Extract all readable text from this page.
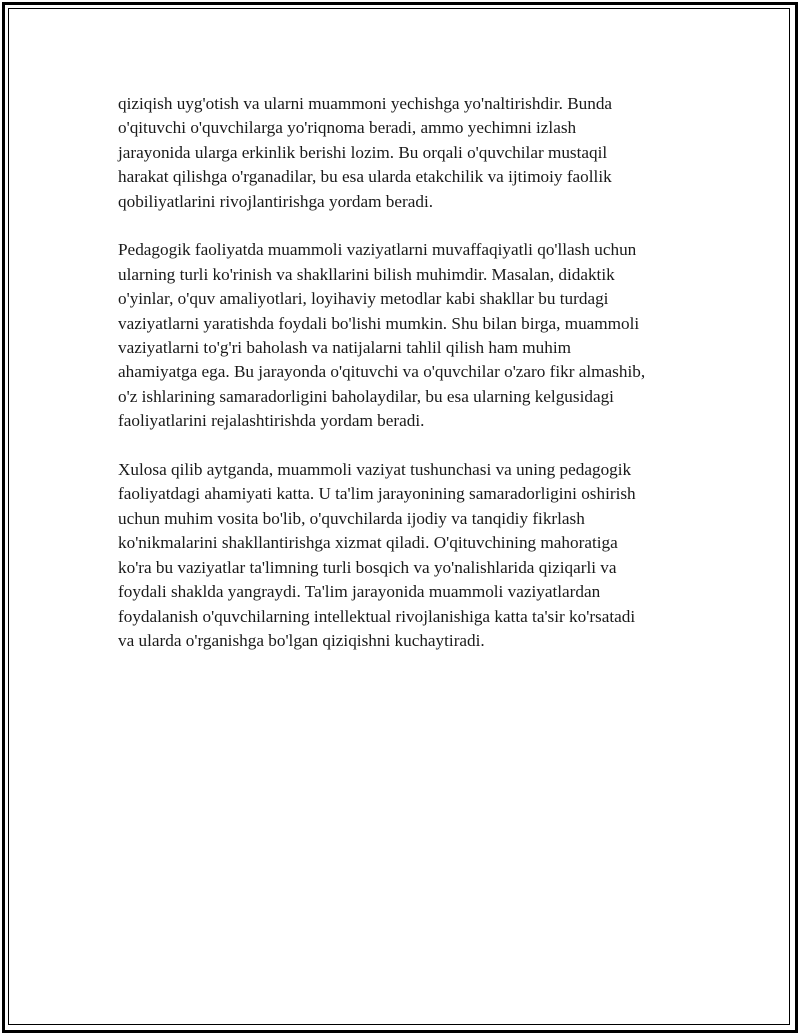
qiziqish uyg'otish va ularni muammoni yechishga yo'naltirishdir. Bunda
o'qituvchi o'quvchilarga yo'riqnoma beradi, ammo yechimni izlash
jarayonida ularga erkinlik berishi lozim. Bu orqali o'quvchilar mustaqil
harakat qilishga o'rganadilar, bu esa ularda etakchilik va ijtimoiy faollik
qobiliyatlarini rivojlantirishga yordam beradi.

Pedagogik faoliyatda muammoli vaziyatlarni muvaffaqiyatli qo'llash uchun
ularning turli ko'rinish va shakllarini bilish muhimdir. Masalan, didaktik
o'yinlar, o'quv amaliyotlari, loyihaviy metodlar kabi shakllar bu turdagi
vaziyatlarni yaratishda foydali bo'lishi mumkin. Shu bilan birga, muammoli
vaziyatlarni to'g'ri baholash va natijalarni tahlil qilish ham muhim
ahamiyatga ega. Bu jarayonda o'qituvchi va o'quvchilar o'zaro fikr almashib,
o'z ishlarining samaradorligini baholaydilar, bu esa ularning kelgusidagi
faoliyatlarini rejalashtirishda yordam beradi.

Xulosa qilib aytganda, muammoli vaziyat tushunchasi va uning pedagogik
faoliyatdagi ahamiyati katta. U ta'lim jarayonining samaradorligini oshirish
uchun muhim vosita bo'lib, o'quvchilarda ijodiy va tanqidiy fikrlash
ko'nikmalarini shakllantirishga xizmat qiladi. O'qituvchining mahoratiga
ko'ra bu vaziyatlar ta'limning turli bosqich va yo'nalishlarida qiziqarli va
foydali shaklda yangraydi. Ta'lim jarayonida muammoli vaziyatlardan
foydalanish o'quvchilarning intellektual rivojlanishiga katta ta'sir ko'rsatadi
va ularda o'rganishga bo'lgan qiziqishni kuchaytiradi.
